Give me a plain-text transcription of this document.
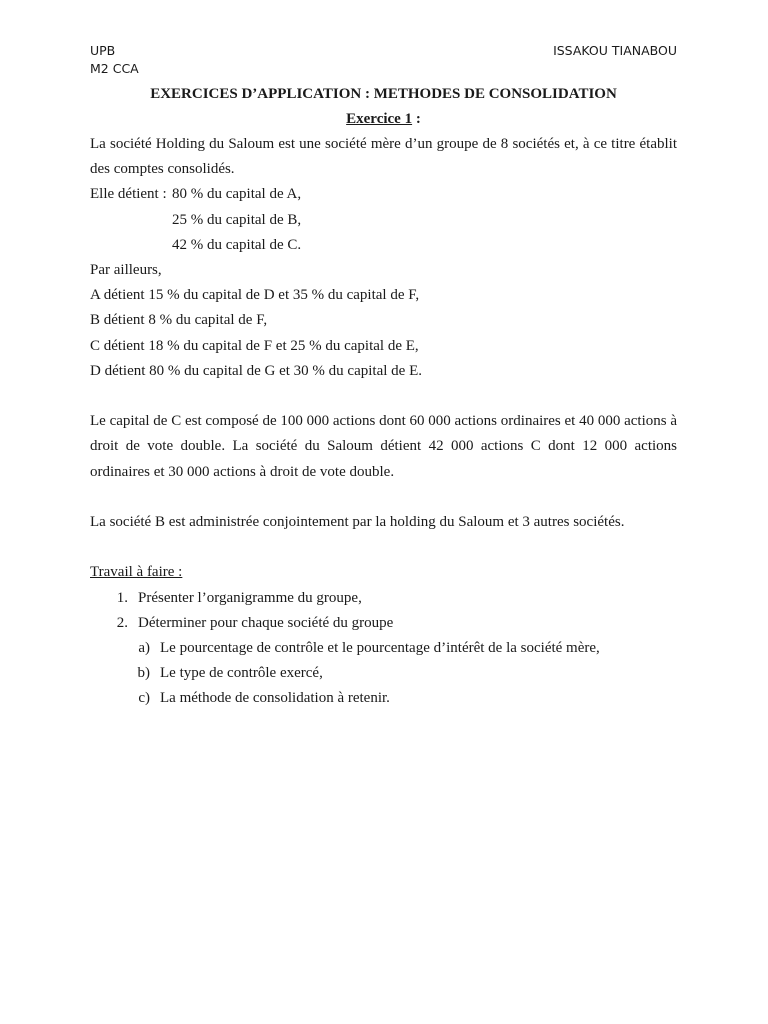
UPB
M2 CCA
ISSAKOU TIANABOU

EXERCICES D’APPLICATION : METHODES DE CONSOLIDATION

Exercice 1 :

La société Holding du Saloum est une société mère d’un groupe de 8 sociétés et, à ce titre établit des comptes consolidés.

Elle détient : 80 % du capital de A,
25 % du capital de B,
42 % du capital de C.

Par ailleurs,

A détient 15 % du capital de D et 35 % du capital de F,

B détient 8 % du capital de F,

C détient 18 % du capital de F et 25 % du capital de E,

D détient 80 % du capital de G et 30 % du capital de E.

Le capital de C est composé de 100 000 actions dont 60 000 actions ordinaires et 40 000 actions à droit de vote double. La société du Saloum détient 42 000 actions C dont 12 000 actions ordinaires et 30 000 actions à droit de vote double.

La société B est administrée conjointement par la holding du Saloum et 3 autres sociétés.

Travail à faire :

1. Présenter l’organigramme du groupe,
2. Déterminer pour chaque société du groupe
a) Le pourcentage de contrôle et le pourcentage d’intérêt de la société mère,
b) Le type de contrôle exercé,
c) La méthode de consolidation à retenir.
